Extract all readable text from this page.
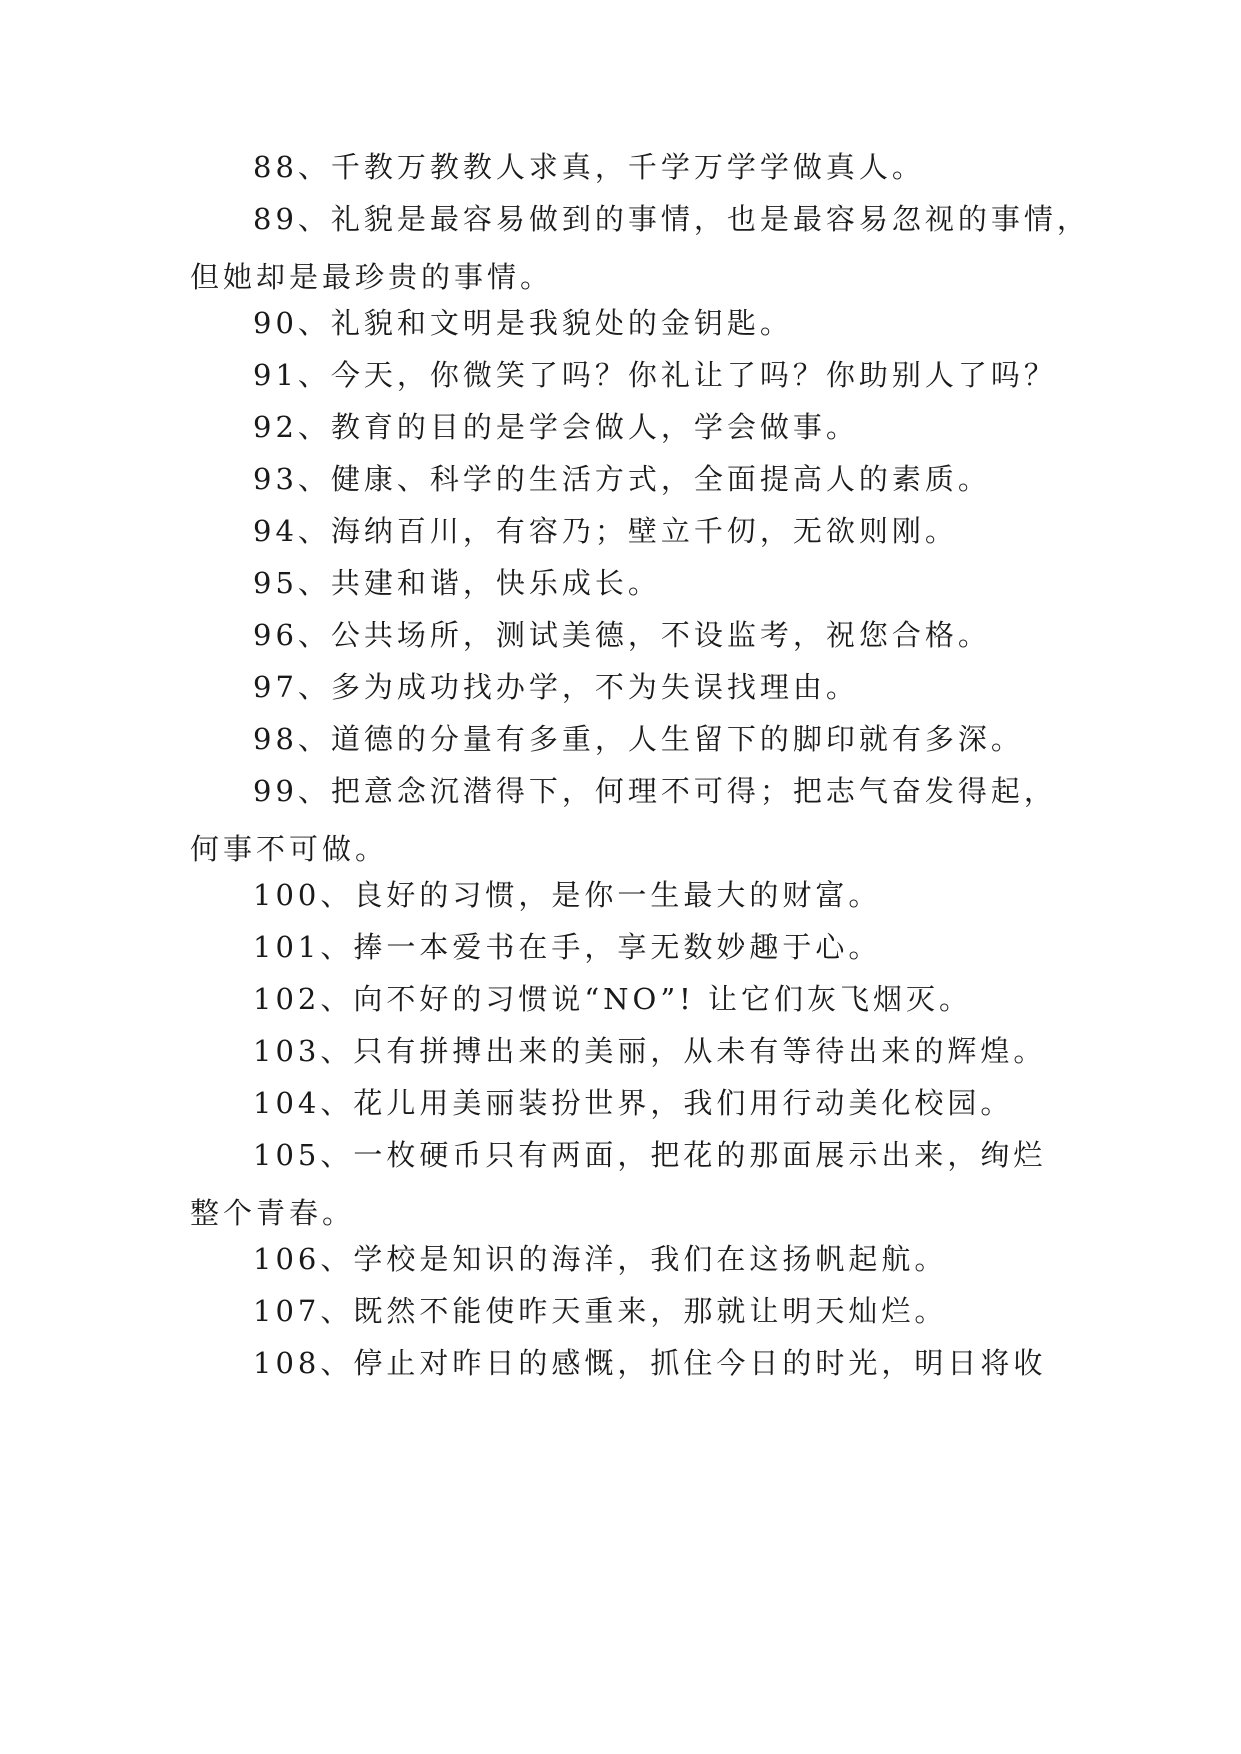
88、千教万教教人求真，千学万学学做真人。
89、礼貌是最容易做到的事情，也是最容易忽视的事情，
但她却是最珍贵的事情。
90、礼貌和文明是我貌处的金钥匙。
91、今天，你微笑了吗？你礼让了吗？你助别人了吗？
92、教育的目的是学会做人，学会做事。
93、健康、科学的生活方式，全面提高人的素质。
94、海纳百川，有容乃；壁立千仞，无欲则刚。
95、共建和谐，快乐成长。
96、公共场所，测试美德，不设监考，祝您合格。
97、多为成功找办学，不为失误找理由。
98、道德的分量有多重，人生留下的脚印就有多深。
99、把意念沉潜得下，何理不可得；把志气奋发得起，
何事不可做。
100、良好的习惯，是你一生最大的财富。
101、捧一本爱书在手，享无数妙趣于心。
102、向不好的习惯说“NO”! 让它们灰飞烟灭。
103、只有拼搏出来的美丽，从未有等待出来的辉煌。
104、花儿用美丽装扮世界，我们用行动美化校园。
105、一枚硬币只有两面，把花的那面展示出来，绚烂
整个青春。
106、学校是知识的海洋，我们在这扬帆起航。
107、既然不能使昨天重来，那就让明天灿烂。
108、停止对昨日的感慨，抓住今日的时光，明日将收
